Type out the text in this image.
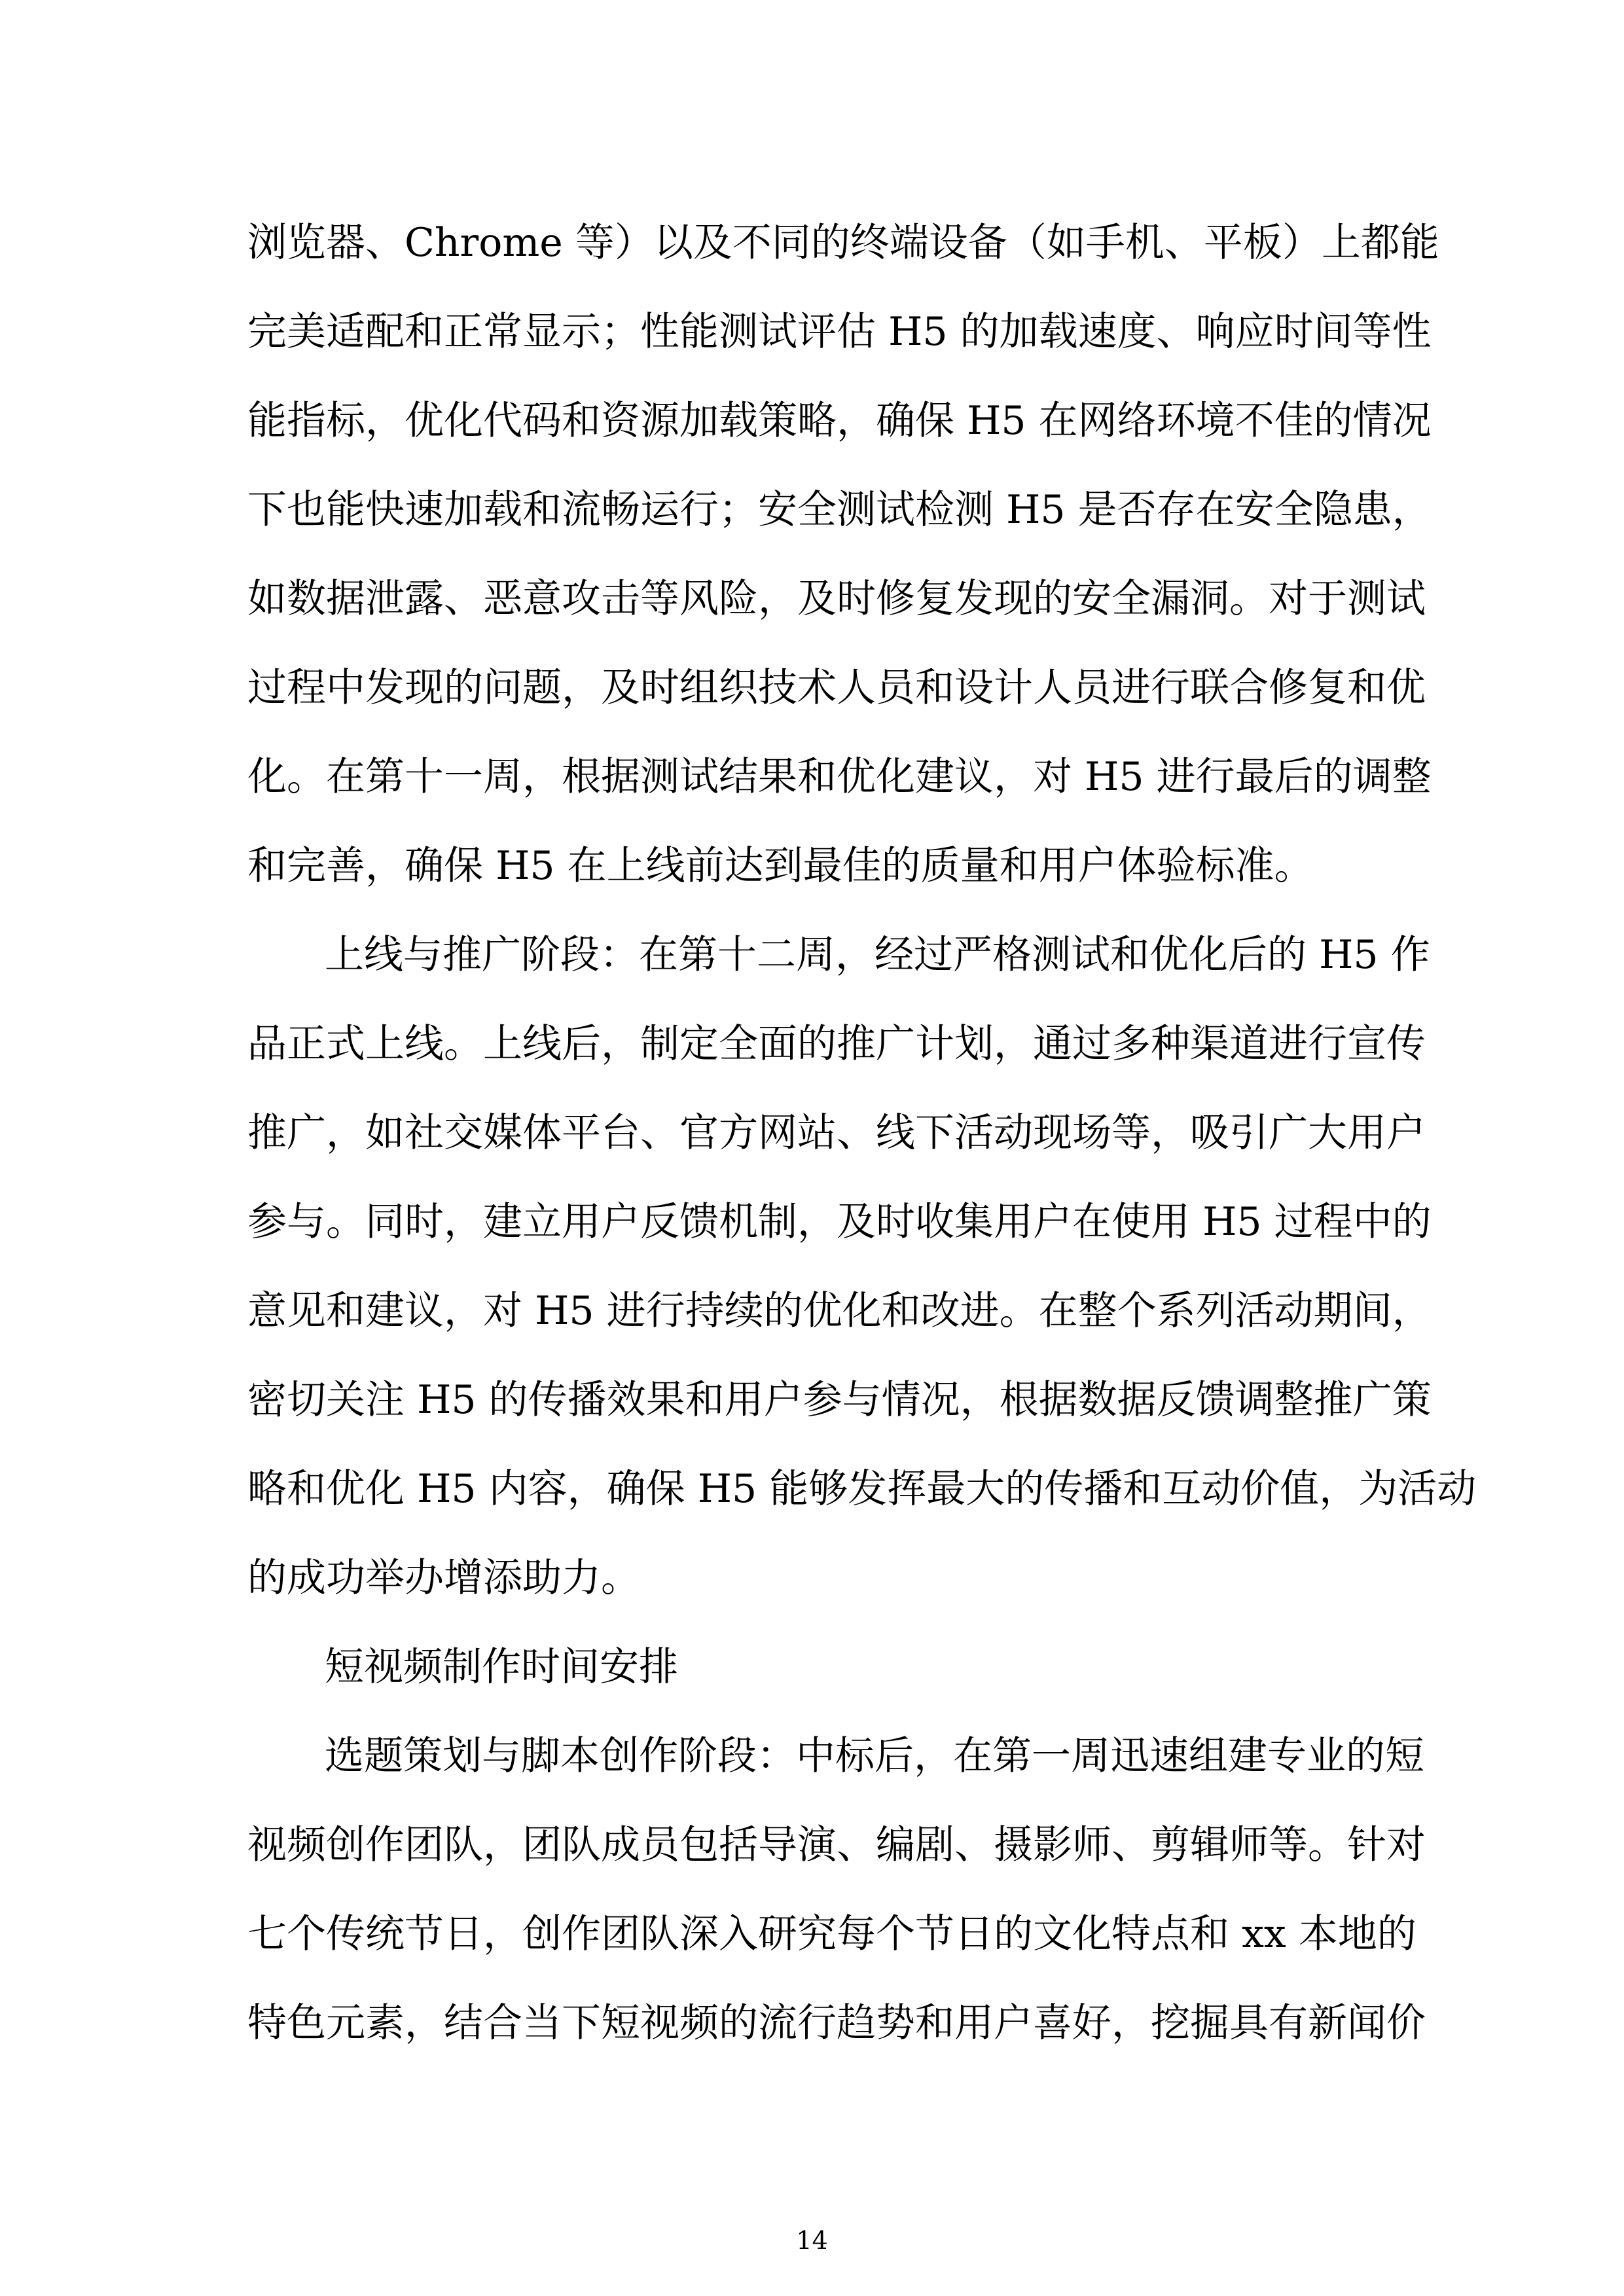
浏览器、Chrome 等）以及不同的终端设备（如手机、平板）上都能
完美适配和正常显示；性能测试评估 H5 的加载速度、响应时间等性
能指标，优化代码和资源加载策略，确保 H5 在网络环境不佳的情况
下也能快速加载和流畅运行；安全测试检测 H5 是否存在安全隐患，
如数据泄露、恶意攻击等风险，及时修复发现的安全漏洞。对于测试
过程中发现的问题，及时组织技术人员和设计人员进行联合修复和优
化。在第十一周，根据测试结果和优化建议，对 H5 进行最后的调整
和完善，确保 H5 在上线前达到最佳的质量和用户体验标准。
上线与推广阶段：在第十二周，经过严格测试和优化后的 H5 作
品正式上线。上线后，制定全面的推广计划，通过多种渠道进行宣传
推广，如社交媒体平台、官方网站、线下活动现场等，吸引广大用户
参与。同时，建立用户反馈机制，及时收集用户在使用 H5 过程中的
意见和建议，对 H5 进行持续的优化和改进。在整个系列活动期间，
密切关注 H5 的传播效果和用户参与情况，根据数据反馈调整推广策
略和优化 H5 内容，确保 H5 能够发挥最大的传播和互动价值，为活动
的成功举办增添助力。
短视频制作时间安排
选题策划与脚本创作阶段：中标后，在第一周迅速组建专业的短
视频创作团队，团队成员包括导演、编剧、摄影师、剪辑师等。针对
七个传统节日，创作团队深入研究每个节日的文化特点和 xx 本地的
特色元素，结合当下短视频的流行趋势和用户喜好，挖掘具有新闻价
14
